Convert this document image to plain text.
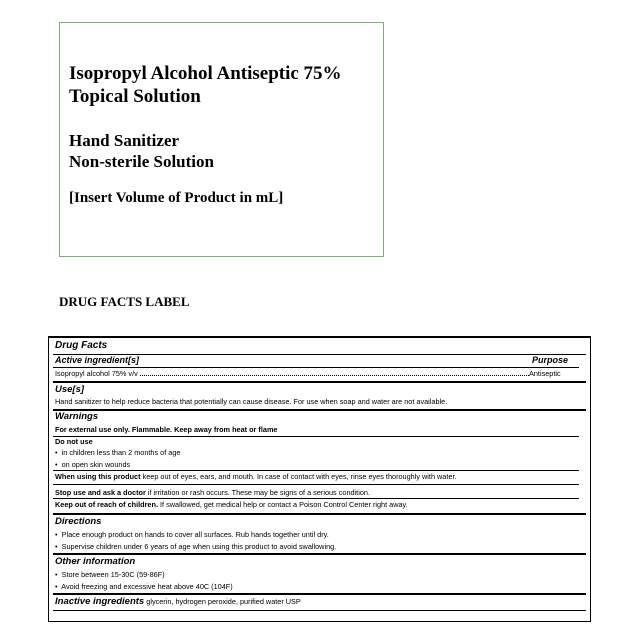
Isopropyl Alcohol Antiseptic 75%
Topical Solution

Hand Sanitizer
Non-sterile Solution

[Insert Volume of Product in mL]

DRUG FACTS LABEL

Drug Facts
Active ingredient[s]	Purpose
Isopropyl alcohol 75% v/v	Antiseptic
Use[s]
Hand sanitizer to help reduce bacteria that potentially can cause disease. For use when soap and water are not available.
Warnings
For external use only. Flammable. Keep away from heat or flame
Do not use
•  in children less than 2 months of age
•  on open skin wounds
When using this product keep out of eyes, ears, and mouth. In case of contact with eyes, rinse eyes thoroughly with water.
Stop use and ask a doctor if irritation or rash occurs. These may be signs of a serious condition.
Keep out of reach of children. If swallowed, get medical help or contact a Poison Control Center right away.
Directions
•  Place enough product on hands to cover all surfaces. Rub hands together until dry.
•  Supervise children under 6 years of age when using this product to avoid swallowing.
Other information
•  Store between 15-30C (59-86F)
•  Avoid freezing and excessive heat above 40C (104F)
Inactive ingredients glycerin, hydrogen peroxide, purified water USP
